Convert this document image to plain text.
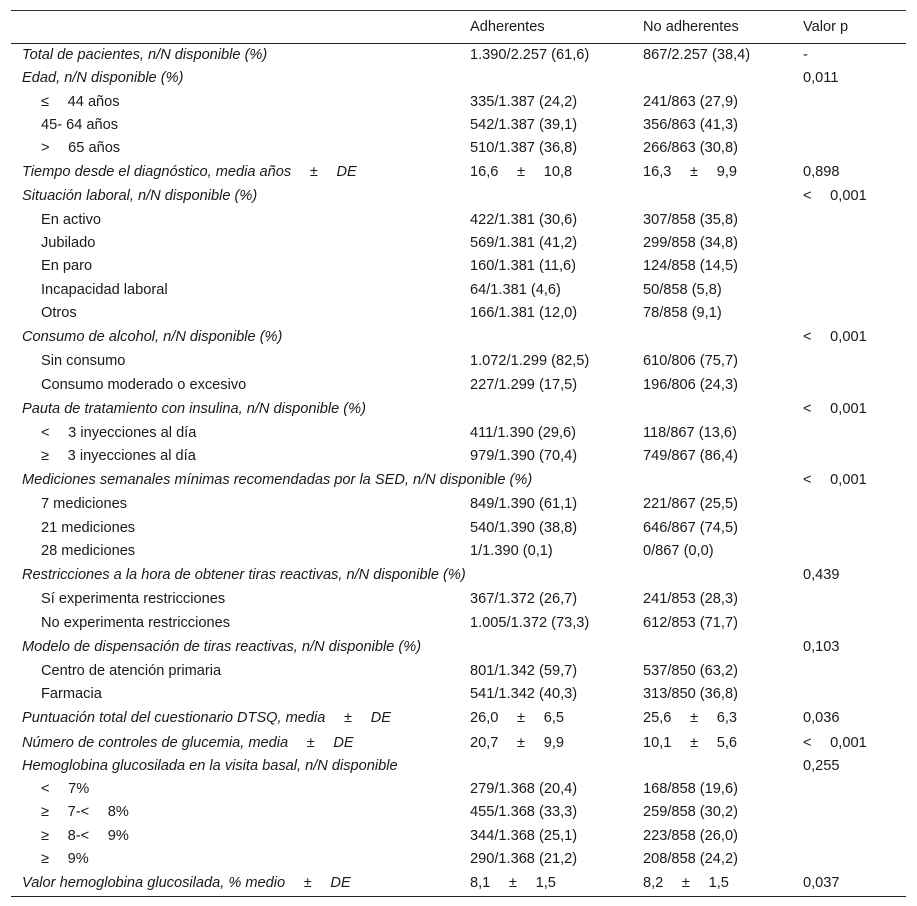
	Adherentes	No adherentes	Valor p
Total de pacientes, n/N disponible (%)	1.390/2.257 (61,6)	867/2.257 (38,4)	-
Edad, n/N disponible (%)			0,011
≤  44 años	335/1.387 (24,2)	241/863 (27,9)	
45- 64 años	542/1.387 (39,1)	356/863 (41,3)	
>  65 años	510/1.387 (36,8)	266/863 (30,8)	
Tiempo desde el diagnóstico, media años  ±  DE	16,6  ±  10,8	16,3  ±  9,9	0,898
Situación laboral, n/N disponible (%)			<  0,001
En activo	422/1.381 (30,6)	307/858 (35,8)	
Jubilado	569/1.381 (41,2)	299/858 (34,8)	
En paro	160/1.381 (11,6)	124/858 (14,5)	
Incapacidad laboral	64/1.381 (4,6)	50/858 (5,8)	
Otros	166/1.381 (12,0)	78/858 (9,1)	
Consumo de alcohol, n/N disponible (%)			<  0,001
Sin consumo	1.072/1.299 (82,5)	610/806 (75,7)	
Consumo moderado o excesivo	227/1.299 (17,5)	196/806 (24,3)	
Pauta de tratamiento con insulina, n/N disponible (%)			<  0,001
<  3 inyecciones al día	411/1.390 (29,6)	118/867 (13,6)	
≥  3 inyecciones al día	979/1.390 (70,4)	749/867 (86,4)	
Mediciones semanales mínimas recomendadas por la SED, n/N disponible (%)			<  0,001
7 mediciones	849/1.390 (61,1)	221/867 (25,5)	
21 mediciones	540/1.390 (38,8)	646/867 (74,5)	
28 mediciones	1/1.390 (0,1)	0/867 (0,0)	
Restricciones a la hora de obtener tiras reactivas, n/N disponible (%)			0,439
Sí experimenta restricciones	367/1.372 (26,7)	241/853 (28,3)	
No experimenta restricciones	1.005/1.372 (73,3)	612/853 (71,7)	
Modelo de dispensación de tiras reactivas, n/N disponible (%)			0,103
Centro de atención primaria	801/1.342 (59,7)	537/850 (63,2)	
Farmacia	541/1.342 (40,3)	313/850 (36,8)	
Puntuación total del cuestionario DTSQ, media  ±  DE	26,0  ±  6,5	25,6  ±  6,3	0,036
Número de controles de glucemia, media  ±  DE	20,7  ±  9,9	10,1  ±  5,6	<  0,001
Hemoglobina glucosilada en la visita basal, n/N disponible			0,255
<  7%	279/1.368 (20,4)	168/858 (19,6)	
≥  7-<  8%	455/1.368 (33,3)	259/858 (30,2)	
≥  8-<  9%	344/1.368 (25,1)	223/858 (26,0)	
≥  9%	290/1.368 (21,2)	208/858 (24,2)	
Valor hemoglobina glucosilada, % medio  ±  DE	8,1  ±  1,5	8,2  ±  1,5	0,037
